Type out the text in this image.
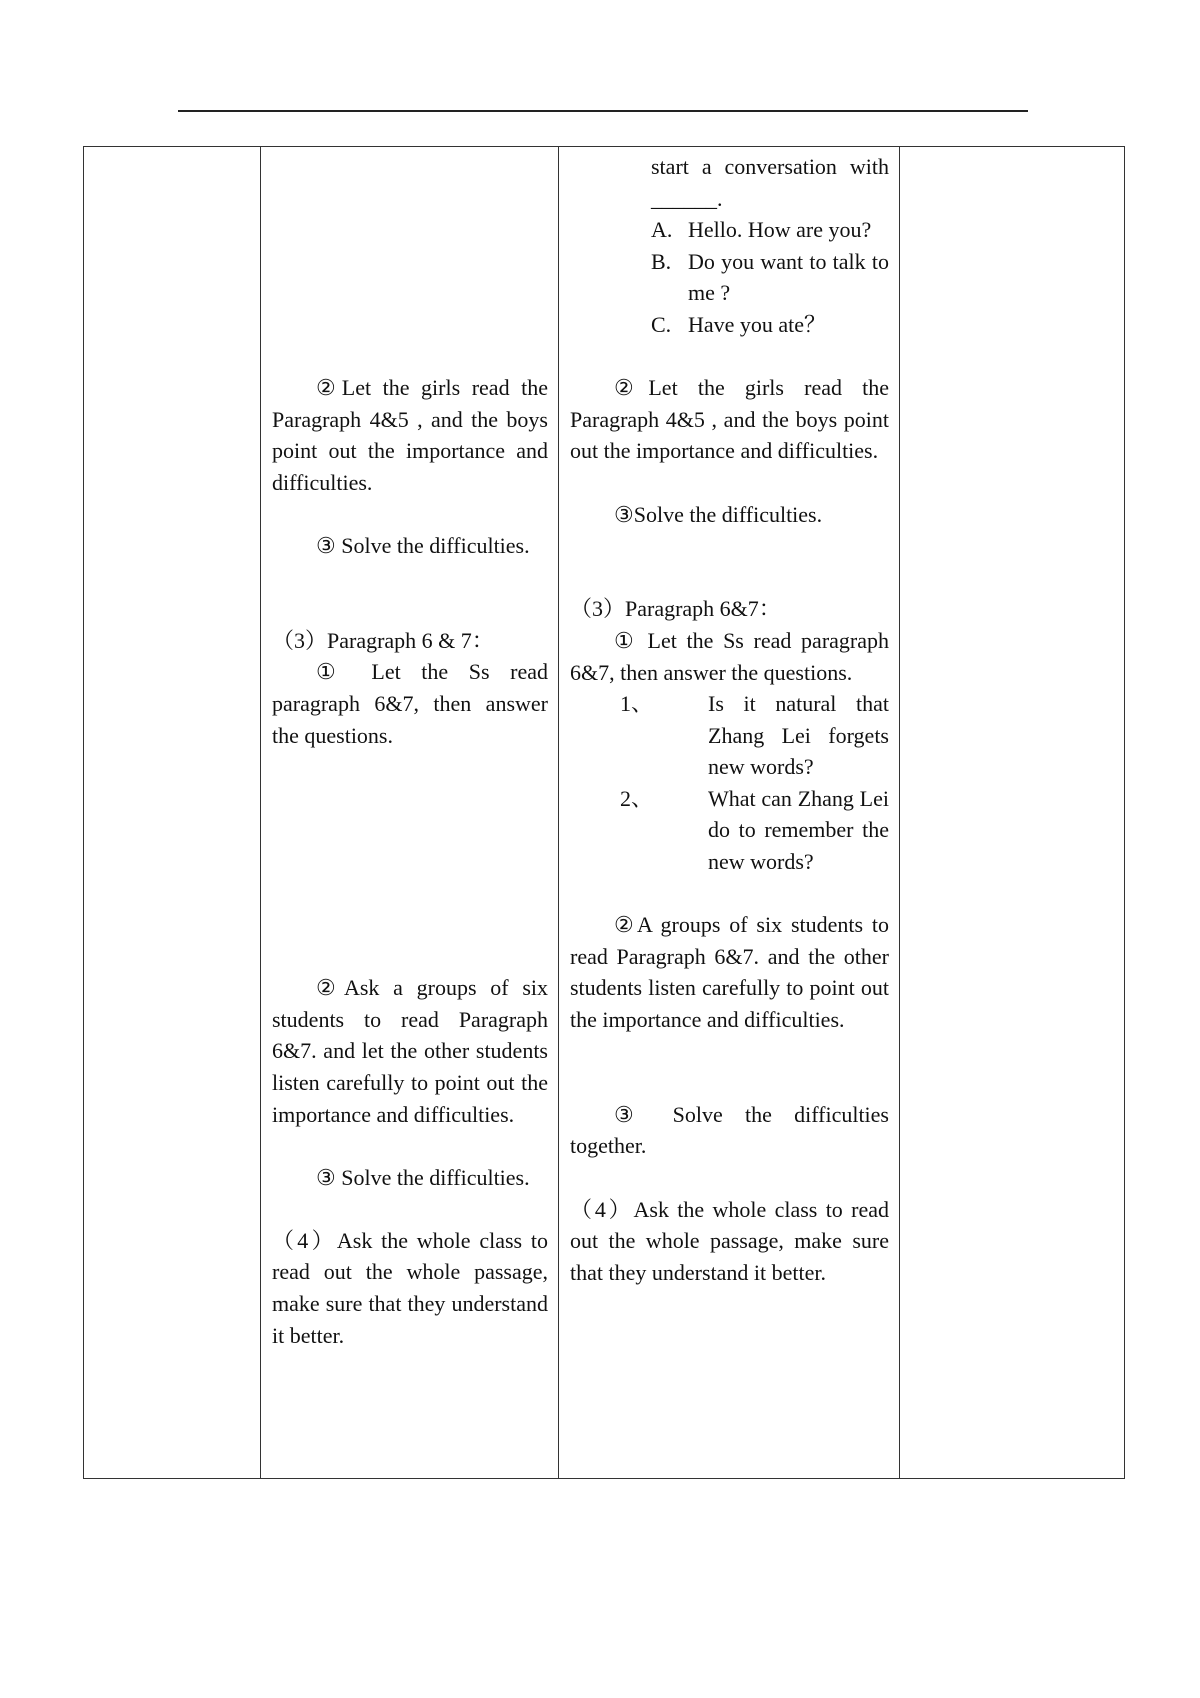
②Let the girls read the Paragraph 4&5 , and the boys point out the importance and difficulties.
③ Solve the difficulties.
（3）Paragraph 6 & 7：
① Let the Ss read paragraph 6&7, then answer the questions.
②Ask a groups of six students to read Paragraph 6&7. and let the other students listen carefully to point out the importance and difficulties.
③ Solve the difficulties.
（4）Ask the whole class to read out the whole passage, make sure that they understand it better.

start a conversation with ______.
A. Hello. How are you?
B. Do you want to talk to me ?
C. Have you ate？
②Let the girls read the Paragraph 4&5 , and the boys point out the importance and difficulties.
③Solve the difficulties.
（3）Paragraph 6&7：
① Let the Ss read paragraph 6&7, then answer the questions.
1、	Is it natural that Zhang Lei forgets new words?
2、	What can Zhang Lei do to remember the new words?
②A groups of six students to read Paragraph 6&7. and the other students listen carefully to point out the importance and difficulties.
③ Solve the difficulties together.
（4）Ask the whole class to read out the whole passage, make sure that they understand it better.
